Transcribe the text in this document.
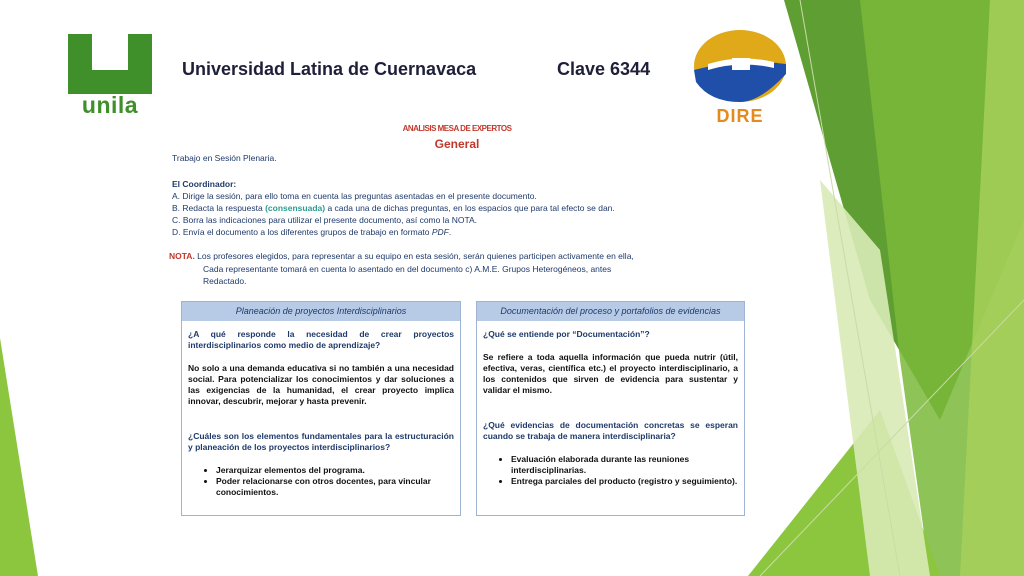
unila	DIRE
Universidad Latina de Cuernavaca	Clave 6344
ANALISIS MESA DE EXPERTOS
General
Trabajo en Sesión Plenaria.
El Coordinador:
A. Dirige la sesión, para ello toma en cuenta las preguntas asentadas en el presente documento.
B. Redacta la respuesta (consensuada) a cada una de dichas preguntas, en los espacios que para tal efecto se dan.
C. Borra las indicaciones para utilizar el presente documento, así como la NOTA.
D. Envía el documento a los diferentes grupos de trabajo en formato PDF.
NOTA. Los profesores elegidos, para representar a su equipo en esta sesión, serán quienes participen activamente en ella,
Cada representante tomará en cuenta lo asentado en del documento c) A.M.E. Grupos Heterogéneos, antes
Redactado.
Planeación de proyectos Interdisciplinarios
¿A qué responde la necesidad de crear proyectos interdisciplinarios como medio de aprendizaje?
No solo a una demanda educativa si no también a una necesidad social. Para potencializar los conocimientos y dar soluciones a las exigencias de la humanidad, el crear proyecto implica innovar, descubrir, mejorar y hasta prevenir.
¿Cuáles son los elementos fundamentales para la estructuración y planeación de los proyectos interdisciplinarios?
• Jerarquizar elementos del programa.
• Poder relacionarse con otros docentes, para vincular conocimientos.
Documentación del proceso y portafolios de evidencias
¿Qué se entiende por “Documentación”?
Se refiere a toda aquella información que pueda nutrir (útil, efectiva, veras, científica etc.) el proyecto interdisciplinario, a los contenidos que sirven de evidencia para sustentar y validar el mismo.
¿Qué evidencias de documentación concretas se esperan cuando se trabaja de manera interdisciplinaria?
• Evaluación elaborada durante las reuniones interdisciplinarias.
• Entrega parciales del producto (registro y seguimiento).
